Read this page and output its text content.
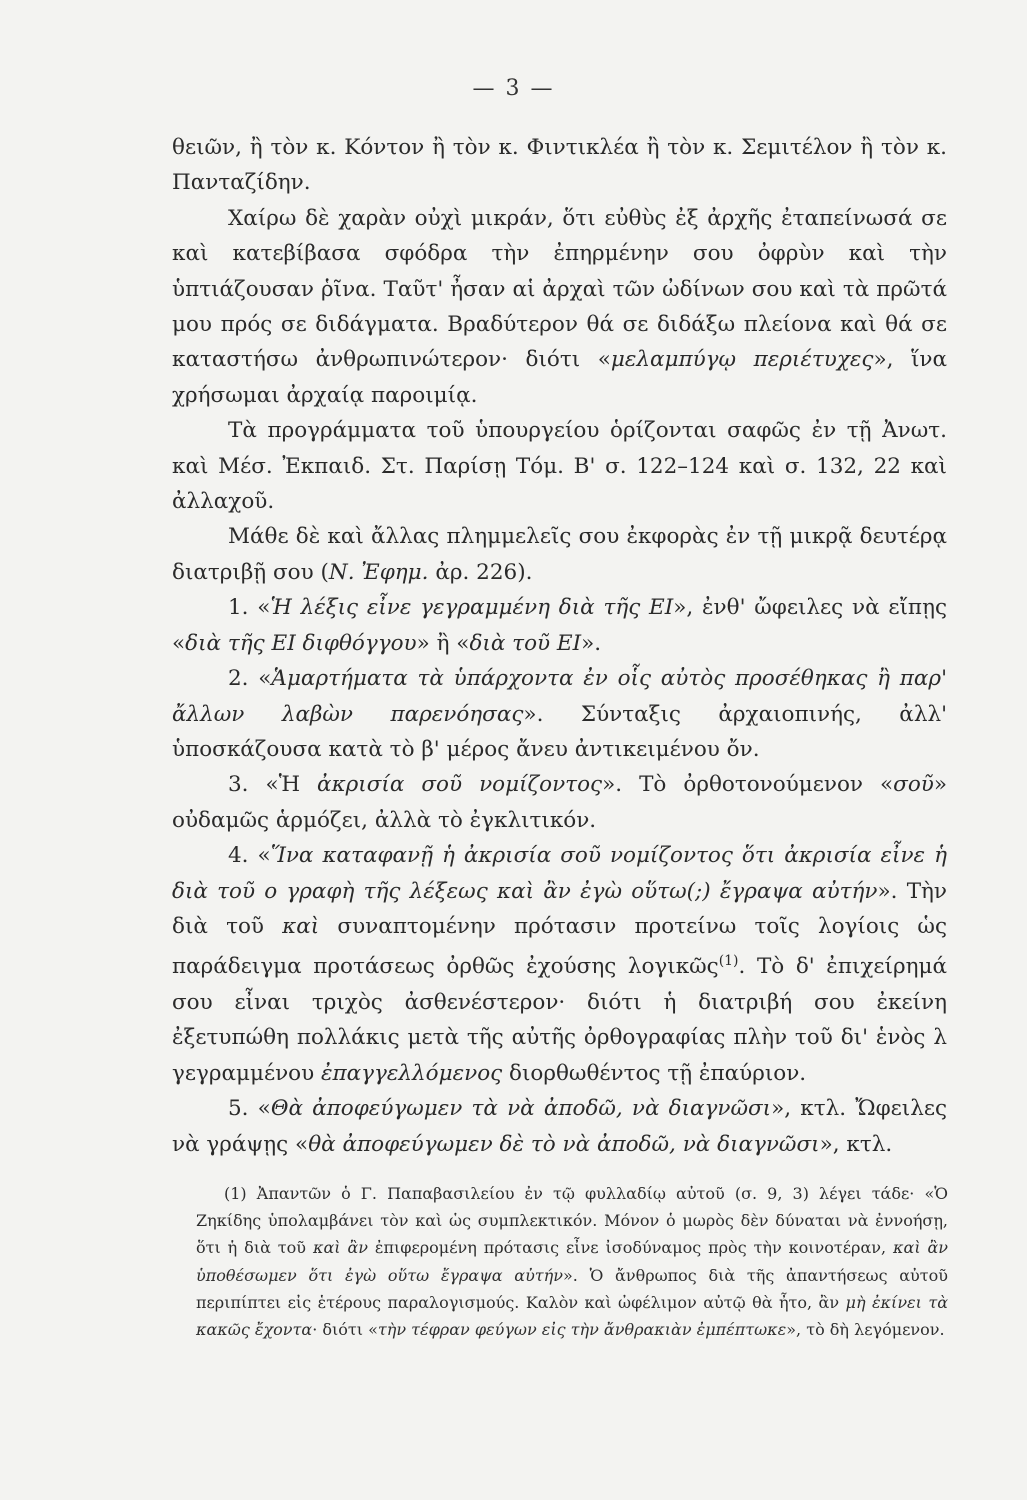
— 3 —

θειῶν, ἢ τὸν κ. Κόντον ἢ τὸν κ. Φιντικλέα ἢ τὸν κ. Σεμιτέλον ἢ τὸν κ. Πανταζίδην.

Χαίρω δὲ χαρὰν οὐχὶ μικράν, ὅτι εὐθὺς ἐξ ἀρχῆς ἐταπείνωσά σε καὶ κατεβίβασα σφόδρα τὴν ἐπηρμένην σου ὀφρὺν καὶ τὴν ὑπτιάζουσαν ῥῖνα. Ταῦτ' ἦσαν αἱ ἀρχαὶ τῶν ὠδίνων σου καὶ τὰ πρῶτά μου πρός σε διδάγματα. Βραδύτερον θά σε διδάξω πλείονα καὶ θά σε καταστήσω ἀνθρωπινώτερον· διότι «μελαμπύγῳ περιέτυχες», ἵνα χρήσωμαι ἀρχαίᾳ παροιμίᾳ.

Τὰ προγράμματα τοῦ ὑπουργείου ὁρίζονται σαφῶς ἐν τῇ Ἀνωτ. καὶ Μέσ. Ἐκπαιδ. Στ. Παρίσῃ Τόμ. Β' σ. 122–124 καὶ σ. 132, 22 καὶ ἀλλαχοῦ.

Μάθε δὲ καὶ ἄλλας πλημμελεῖς σου ἐκφορὰς ἐν τῇ μικρᾷ δευτέρᾳ διατριβῇ σου (Ν. Ἐφημ. ἀρ. 226).

1. «Ἡ λέξις εἶνε γεγραμμένη διὰ τῆς ΕΙ», ἐνθ' ὤφειλες νὰ εἴπῃς «διὰ τῆς ΕΙ διφθόγγου» ἢ «διὰ τοῦ ΕΙ».

2. «Ἁμαρτήματα τὰ ὑπάρχοντα ἐν οἷς αὐτὸς προσέθηκας ἢ παρ' ἄλλων λαβὼν παρενόησας». Σύνταξις ἀρχαιοπινής, ἀλλ' ὑποσκάζουσα κατὰ τὸ β' μέρος ἄνευ ἀντικειμένου ὄν.

3. «Ἡ ἀκρισία σοῦ νομίζοντος». Τὸ ὀρθοτονούμενον «σοῦ» οὐδαμῶς ἁρμόζει, ἀλλὰ τὸ ἐγκλιτικόν.

4. «Ἵνα καταφανῇ ἡ ἀκρισία σοῦ νομίζοντος ὅτι ἀκρισία εἶνε ἡ διὰ τοῦ ο γραφὴ τῆς λέξεως καὶ ἂν ἐγὼ οὕτω(;) ἔγραψα αὐτήν». Τὴν διὰ τοῦ καὶ συναπτομένην πρότασιν προτείνω τοῖς λογίοις ὡς παράδειγμα προτάσεως ὀρθῶς ἐχούσης λογικῶς$^{(1)}$. Τὸ δ' ἐπιχείρημά σου εἶναι τριχὸς ἀσθενέστερον· διότι ἡ διατριβή σου ἐκείνη ἐξετυπώθη πολλάκις μετὰ τῆς αὐτῆς ὀρθογραφίας πλὴν τοῦ δι' ἑνὸς λ γεγραμμένου ἐπαγγελλόμενος διορθωθέντος τῇ ἐπαύριον.

5. «Θὰ ἀποφεύγωμεν τὰ νὰ ἀποδῶ, νὰ διαγνῶσι», κτλ. Ὤφειλες νὰ γράψῃς «θὰ ἀποφεύγωμεν δὲ τὸ νὰ ἀποδῶ, νὰ διαγνῶσι», κτλ.

(1) Ἀπαντῶν ὁ Γ. Παπαβασιλείου ἐν τῷ φυλλαδίῳ αὐτοῦ (σ. 9, 3) λέγει τάδε· «Ὁ Ζηκίδης ὑπολαμβάνει τὸν καὶ ὡς συμπλεκτικόν. Μόνον ὁ μωρὸς δὲν δύναται νὰ ἐννοήσῃ, ὅτι ἡ διὰ τοῦ καὶ ἂν ἐπιφερομένη πρότασις εἶνε ἰσοδύναμος πρὸς τὴν κοινοτέραν, καὶ ἂν ὑποθέσωμεν ὅτι ἐγὼ οὕτω ἔγραψα αὐτήν». Ὁ ἄνθρωπος διὰ τῆς ἀπαντήσεως αὐτοῦ περιπίπτει εἰς ἑτέρους παραλογισμούς. Καλὸν καὶ ὠφέλιμον αὐτῷ θὰ ἦτο, ἂν μὴ ἐκίνει τὰ κακῶς ἔχοντα· διότι «τὴν τέφραν φεύγων εἰς τὴν ἄνθρακιὰν ἐμπέπτωκε», τὸ δὴ λεγόμενον.
